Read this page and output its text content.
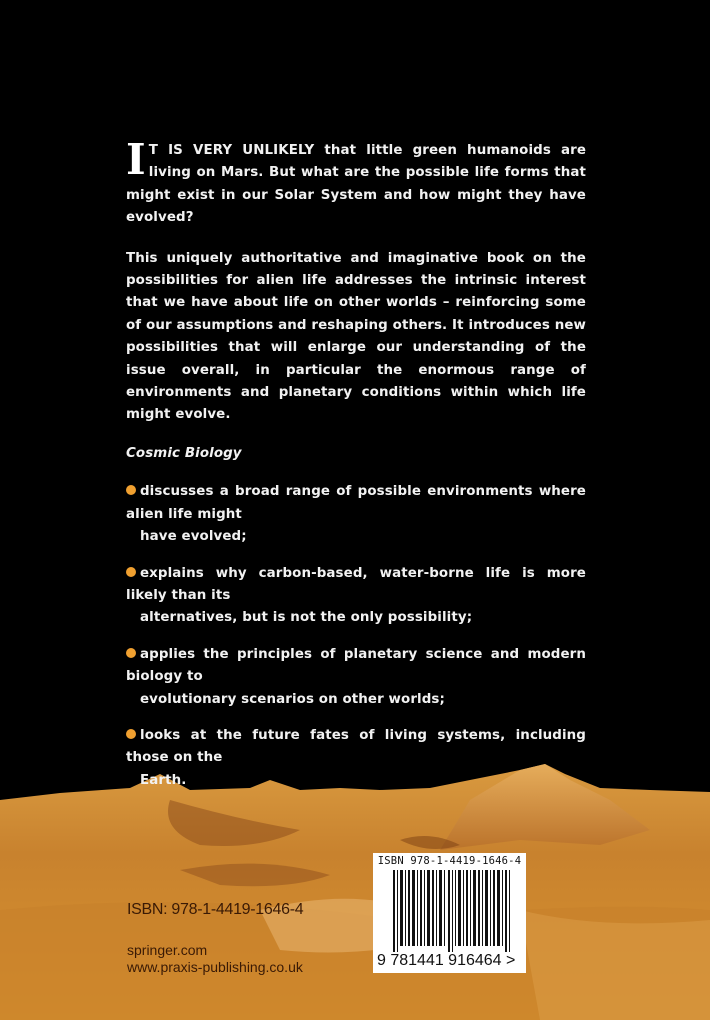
I T IS VERY UNLIKELY that little green humanoids are living on Mars. But what are the possible life forms that might exist in our Solar System and how might they have evolved?

This uniquely authoritative and imaginative book on the possibilities for alien life addresses the intrinsic interest that we have about life on other worlds – reinforcing some of our assumptions and reshaping others. It introduces new possibilities that will enlarge our understanding of the issue overall, in particular the enormous range of environments and planetary conditions within which life might evolve.

Cosmic Biology

discusses a broad range of possible environments where alien life might
have evolved;
explains why carbon-based, water-borne life is more likely than its
alternatives, but is not the only possibility;
applies the principles of planetary science and modern biology to
evolutionary scenarios on other worlds;
looks at the future fates of living systems, including those on the
Earth.
ISBN: 978-1-4419-1646-4
springer.com
www.praxis-publishing.co.uk
ISBN 978-1-4419-1646-4
9 781441 916464 >
